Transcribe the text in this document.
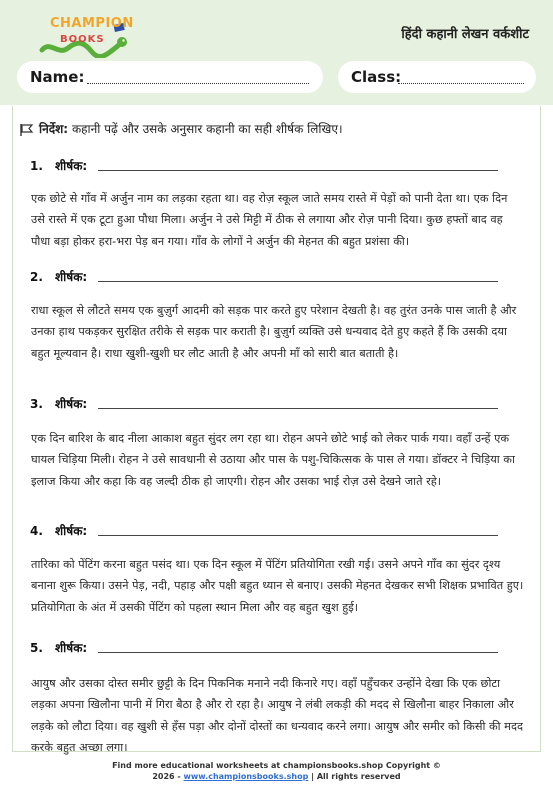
CHAMPION
BOOKS	हिंदी कहानी लेखन वर्कशीट
Name:	Class:
निर्देश: कहानी पढ़ें और उसके अनुसार कहानी का सही शीर्षक लिखिए।
1. शीर्षक:
एक छोटे से गाँव में अर्जुन नाम का लड़का रहता था। वह रोज़ स्कूल जाते समय रास्ते में पेड़ों को पानी देता था। एक दिन उसे रास्ते में एक टूटा हुआ पौधा मिला। अर्जुन ने उसे मिट्टी में ठीक से लगाया और रोज़ पानी दिया। कुछ हफ्तों बाद वह पौधा बड़ा होकर हरा-भरा पेड़ बन गया। गाँव के लोगों ने अर्जुन की मेहनत की बहुत प्रशंसा की।
2. शीर्षक:
राधा स्कूल से लौटते समय एक बुज़ुर्ग आदमी को सड़क पार करते हुए परेशान देखती है। वह तुरंत उनके पास जाती है और उनका हाथ पकड़कर सुरक्षित तरीके से सड़क पार कराती है। बुज़ुर्ग व्यक्ति उसे धन्यवाद देते हुए कहते हैं कि उसकी दया बहुत मूल्यवान है। राधा खुशी-खुशी घर लौट आती है और अपनी माँ को सारी बात बताती है।
3. शीर्षक:
एक दिन बारिश के बाद नीला आकाश बहुत सुंदर लग रहा था। रोहन अपने छोटे भाई को लेकर पार्क गया। वहाँ उन्हें एक घायल चिड़िया मिली। रोहन ने उसे सावधानी से उठाया और पास के पशु-चिकित्सक के पास ले गया। डॉक्टर ने चिड़िया का इलाज किया और कहा कि वह जल्दी ठीक हो जाएगी। रोहन और उसका भाई रोज़ उसे देखने जाते रहे।
4. शीर्षक:
तारिका को पेंटिंग करना बहुत पसंद था। एक दिन स्कूल में पेंटिंग प्रतियोगिता रखी गई। उसने अपने गाँव का सुंदर दृश्य बनाना शुरू किया। उसने पेड़, नदी, पहाड़ और पक्षी बहुत ध्यान से बनाए। उसकी मेहनत देखकर सभी शिक्षक प्रभावित हुए। प्रतियोगिता के अंत में उसकी पेंटिंग को पहला स्थान मिला और वह बहुत खुश हुई।
5. शीर्षक:
आयुष और उसका दोस्त समीर छुट्टी के दिन पिकनिक मनाने नदी किनारे गए। वहाँ पहुँचकर उन्होंने देखा कि एक छोटा लड़का अपना खिलौना पानी में गिरा बैठा है और रो रहा है। आयुष ने लंबी लकड़ी की मदद से खिलौना बाहर निकाला और लड़के को लौटा दिया। वह खुशी से हँस पड़ा और दोनों दोस्तों का धन्यवाद करने लगा। आयुष और समीर को किसी की मदद करके बहुत अच्छा लगा।
Find more educational worksheets at championsbooks.shop Copyright ©
2026 - www.championsbooks.shop | All rights reserved
